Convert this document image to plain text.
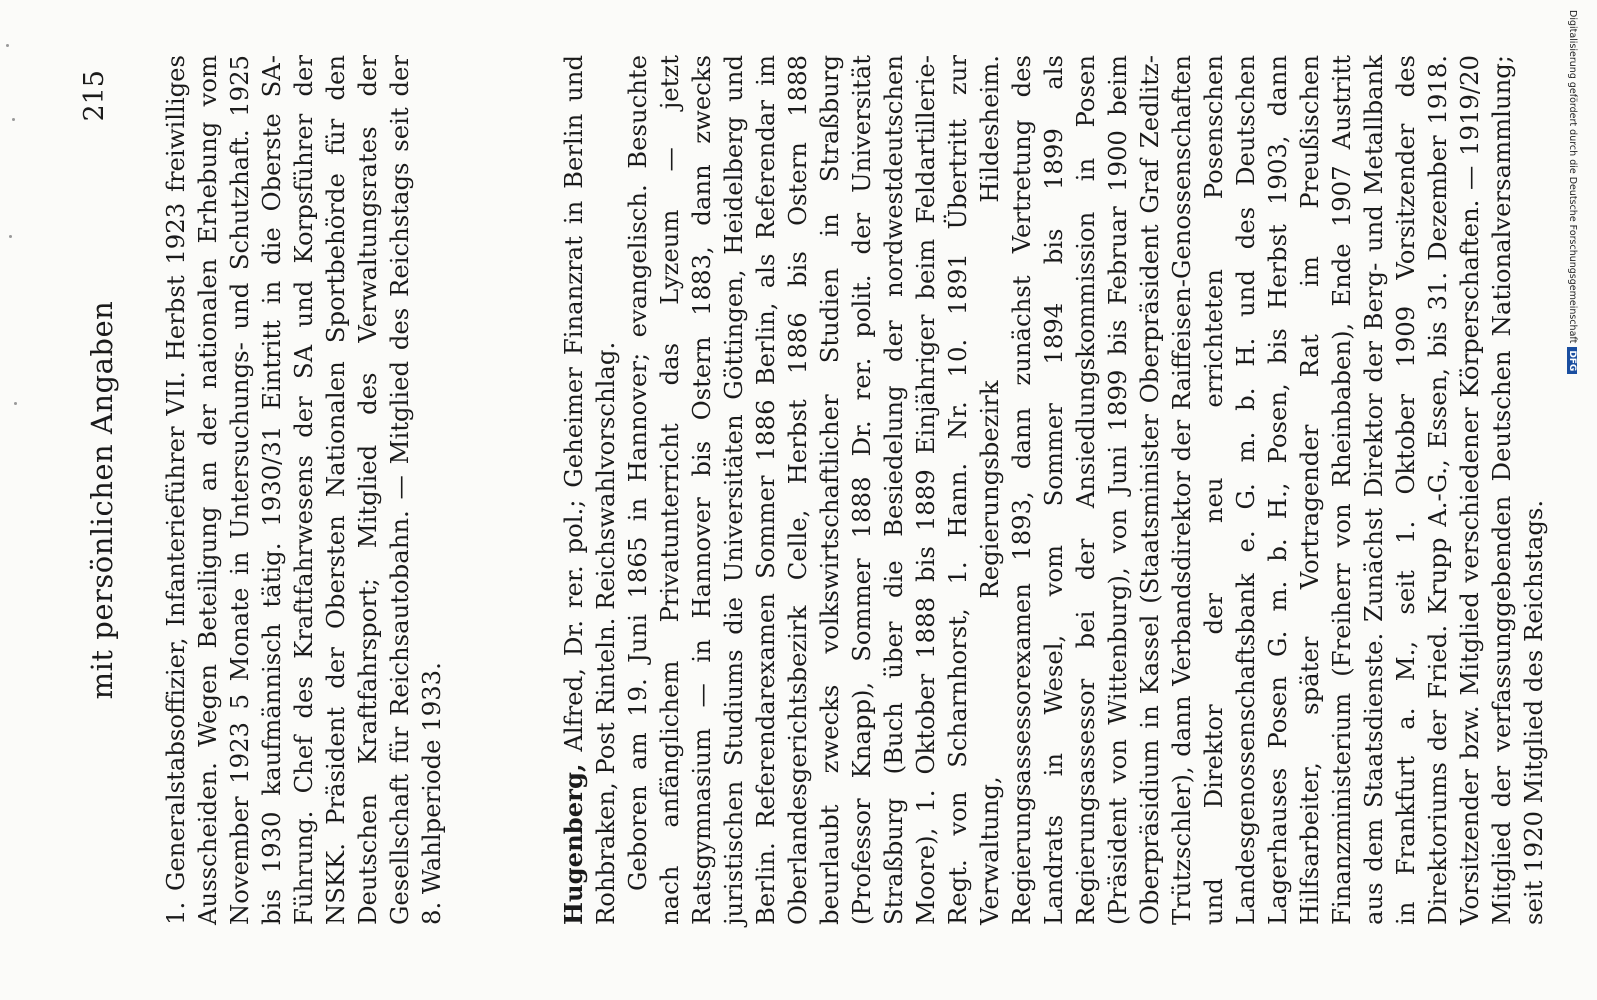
mit persönlichen Angaben
215 1. Generalstabsoffizier, Infanterieführer VII. Herbst 1923 freiwilliges Ausscheiden. Wegen Beteiligung an der nationalen Erhebung vom November 1923 5 Monate in Untersuchungs- und Schutzhaft. 1925 bis 1930 kaufmännisch tätig. 1930/31 Eintritt in die Oberste SA-Führung. Chef des Kraftfahrwesens der SA und Korpsführer der NSKK. Präsident der Obersten Nationalen Sportbehörde für den Deutschen Kraftfahrsport; Mitglied des Verwaltungsrates der Gesellschaft für Reichsautobahn. — Mitglied des Reichstags seit der 8. Wahlperiode 1933.	Hugenberg, Alfred, Dr. rer. pol.; Geheimer Finanzrat in Berlin und Rohbraken, Post Rinteln. Reichswahlvorschlag. Geboren am 19. Juni 1865 in Hannover; evangelisch. Besuchte nach anfänglichem Privatunterricht das Lyzeum — jetzt Ratsgymnasium — in Hannover bis Ostern 1883, dann zwecks juristischen Studiums die Universitäten Göttingen, Heidelberg und Berlin. Referendarexamen Sommer 1886 Berlin, als Referendar im Oberlandesgerichtsbezirk Celle, Herbst 1886 bis Ostern 1888 beurlaubt zwecks volkswirtschaftlicher Studien in Straßburg (Professor Knapp), Sommer 1888 Dr. rer. polit. der Universität Straßburg (Buch über die Besiedelung der nordwestdeutschen Moore), 1. Oktober 1888 bis 1889 Einjähriger beim Feldartillerie-Regt. von Scharnhorst, 1. Hann. Nr. 10. 1891 Übertritt zur Verwaltung, Regierungsbezirk Hildesheim. Regierungsassessorexamen 1893, dann zunächst Vertretung des Landrats in Wesel, vom Sommer 1894 bis 1899 als Regierungsassessor bei der Ansiedlungskommission in Posen (Präsident von Wittenburg), von Juni 1899 bis Februar 1900 beim Oberpräsidium in Kassel (Staatsminister Oberpräsident Graf Zedlitz-Trützschler), dann Verbandsdirektor der Raiffeisen-Genossenschaften und Direktor der neu errichteten Posenschen Landesgenossenschaftsbank e. G. m. b. H. und des Deutschen Lagerhauses Posen G. m. b. H., Posen, bis Herbst 1903, dann Hilfsarbeiter, später Vortragender Rat im Preußischen Finanzministerium (Freiherr von Rheinbaben), Ende 1907 Austritt aus dem Staatsdienste. Zunächst Direktor der Berg- und Metallbank in Frankfurt a. M., seit 1. Oktober 1909 Vorsitzender des Direktoriums der Fried. Krupp A.-G., Essen, bis 31. Dezember 1918. Vorsitzender bzw. Mitglied verschiedener Körperschaften. — 1919/20 Mitglied der verfassunggebenden Deutschen Nationalversammlung; seit 1920 Mitglied des Reichstags.

Digitalisierung gefördert durch die Deutsche ForschungsgemeinschaftDFG
